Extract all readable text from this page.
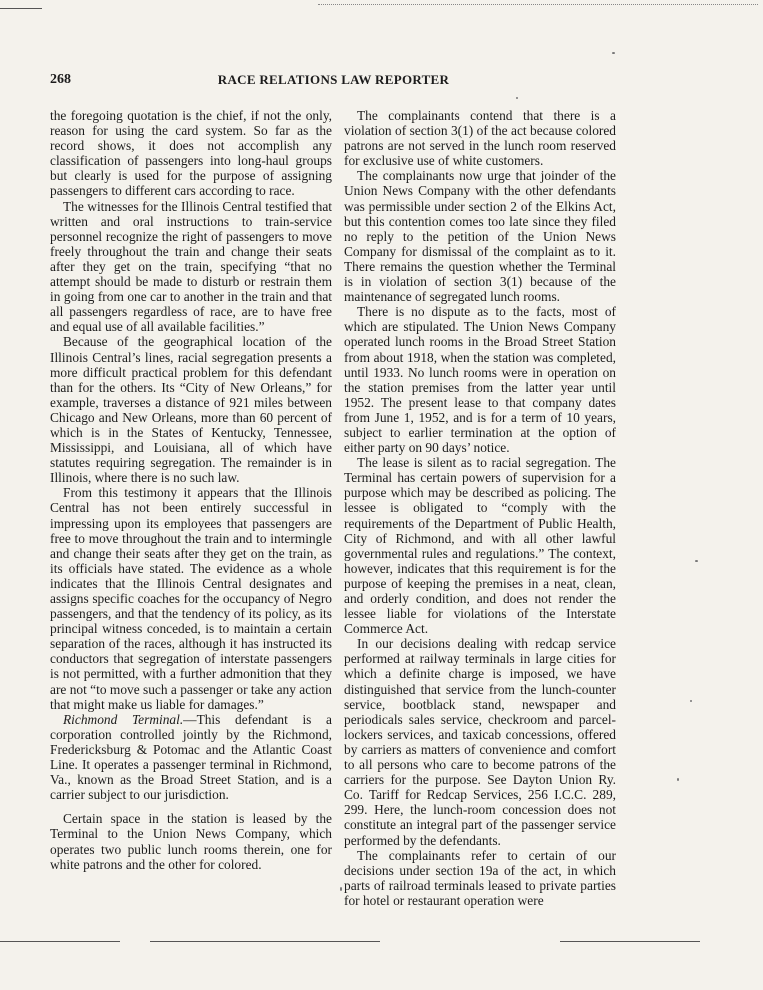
268	RACE RELATIONS LAW REPORTER

the foregoing quotation is the chief, if not the only, reason for using the card system. So far as the record shows, it does not accomplish any classification of passengers into long-haul groups but clearly is used for the purpose of assigning passengers to different cars according to race.

The witnesses for the Illinois Central testified that written and oral instructions to train-service personnel recognize the right of passengers to move freely throughout the train and change their seats after they get on the train, specifying “that no attempt should be made to disturb or restrain them in going from one car to another in the train and that all passengers regardless of race, are to have free and equal use of all available facilities.”

Because of the geographical location of the Illinois Central’s lines, racial segregation presents a more difficult practical problem for this defendant than for the others. Its “City of New Orleans,” for example, traverses a distance of 921 miles between Chicago and New Orleans, more than 60 percent of which is in the States of Kentucky, Tennessee, Mississippi, and Louisiana, all of which have statutes requiring segregation. The remainder is in Illinois, where there is no such law.

From this testimony it appears that the Illinois Central has not been entirely successful in impressing upon its employees that passengers are free to move throughout the train and to intermingle and change their seats after they get on the train, as its officials have stated. The evidence as a whole indicates that the Illinois Central designates and assigns specific coaches for the occupancy of Negro passengers, and that the tendency of its policy, as its principal witness conceded, is to maintain a certain separation of the races, although it has instructed its conductors that segregation of interstate passengers is not permitted, with a further admonition that they are not “to move such a passenger or take any action that might make us liable for damages.”

Richmond Terminal.—This defendant is a corporation controlled jointly by the Richmond, Fredericksburg & Potomac and the Atlantic Coast Line. It operates a passenger terminal in Richmond, Va., known as the Broad Street Station, and is a carrier subject to our jurisdiction.

Certain space in the station is leased by the Terminal to the Union News Company, which operates two public lunch rooms therein, one for white patrons and the other for colored.

The complainants contend that there is a violation of section 3(1) of the act because colored patrons are not served in the lunch room reserved for exclusive use of white customers.

The complainants now urge that joinder of the Union News Company with the other defendants was permissible under section 2 of the Elkins Act, but this contention comes too late since they filed no reply to the petition of the Union News Company for dismissal of the complaint as to it. There remains the question whether the Terminal is in violation of section 3(1) because of the maintenance of segregated lunch rooms.

There is no dispute as to the facts, most of which are stipulated. The Union News Company operated lunch rooms in the Broad Street Station from about 1918, when the station was completed, until 1933. No lunch rooms were in operation on the station premises from the latter year until 1952. The present lease to that company dates from June 1, 1952, and is for a term of 10 years, subject to earlier termination at the option of either party on 90 days’ notice.

The lease is silent as to racial segregation. The Terminal has certain powers of supervision for a purpose which may be described as policing. The lessee is obligated to “comply with the requirements of the Department of Public Health, City of Richmond, and with all other lawful governmental rules and regulations.” The context, however, indicates that this requirement is for the purpose of keeping the premises in a neat, clean, and orderly condition, and does not render the lessee liable for violations of the Interstate Commerce Act.

In our decisions dealing with redcap service performed at railway terminals in large cities for which a definite charge is imposed, we have distinguished that service from the lunch-counter service, bootblack stand, newspaper and periodicals sales service, checkroom and parcel-lockers services, and taxicab concessions, offered by carriers as matters of convenience and comfort to all persons who care to become patrons of the carriers for the purpose. See Dayton Union Ry. Co. Tariff for Redcap Services, 256 I.C.C. 289, 299. Here, the lunch-room concession does not constitute an integral part of the passenger service performed by the defendants.

The complainants refer to certain of our decisions under section 19a of the act, in which parts of railroad terminals leased to private parties for hotel or restaurant operation were
